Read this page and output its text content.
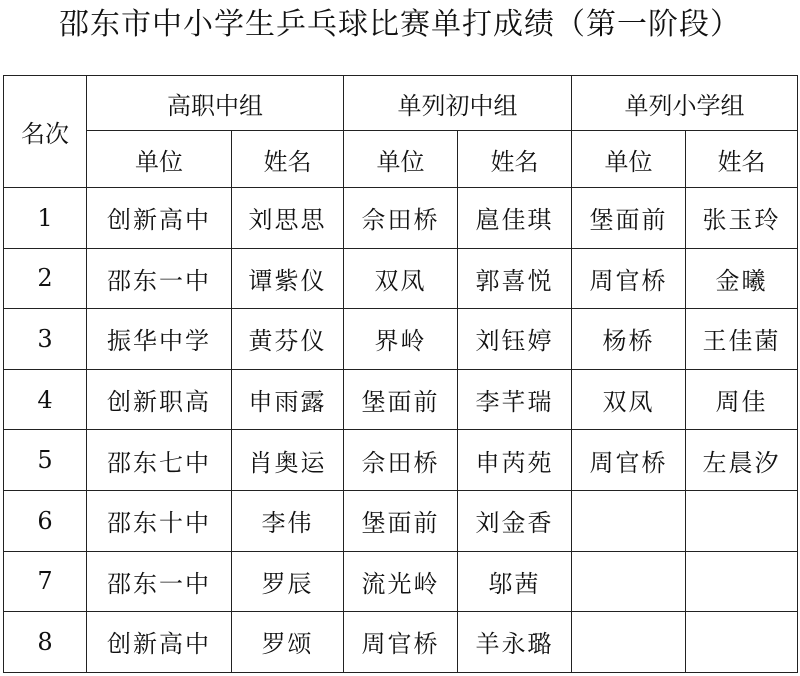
邵东市中小学生乒乓球比赛单打成绩（第一阶段）
名次	高职中组		单列初中组		单列小学组	
	单位	姓名	单位	姓名	单位	姓名
1	创新高中	刘思思	佘田桥	扈佳琪	堡面前	张玉玲
2	邵东一中	谭紫仪	双凤	郭喜悦	周官桥	金曦
3	振华中学	黄芬仪	界岭	刘钰婷	杨桥	王佳菌
4	创新职高	申雨露	堡面前	李芊瑞	双凤	周佳
5	邵东七中	肖奥运	佘田桥	申芮苑	周官桥	左晨汐
6	邵东十中	李伟	堡面前	刘金香		
7	邵东一中	罗辰	流光岭	邬茜		
8	创新高中	罗颂	周官桥	羊永璐		
